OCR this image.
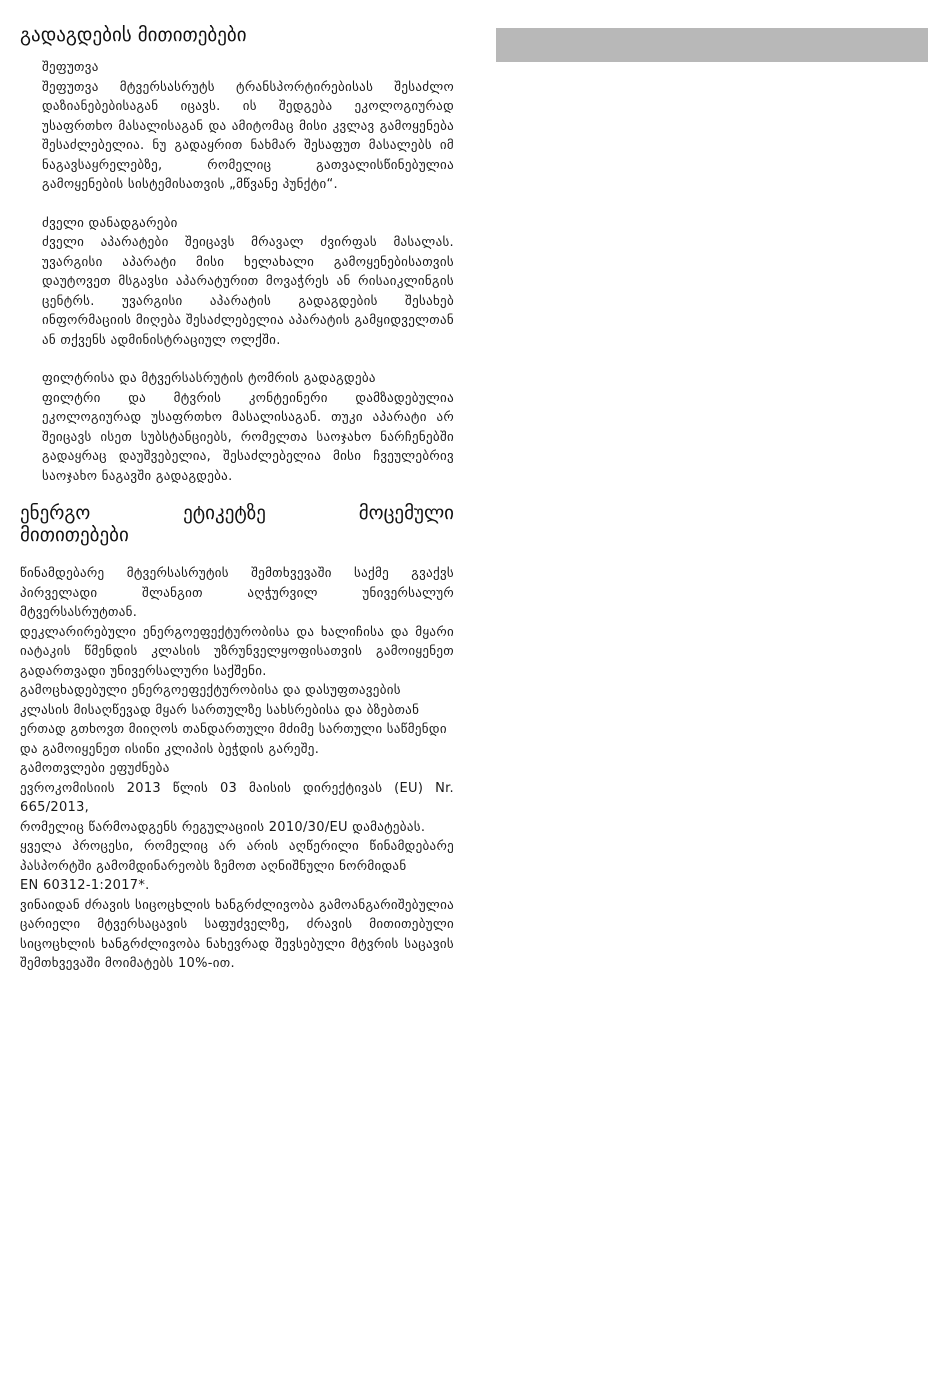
გადაგდების მითითებები
შეფუთვა

შეფუთვა მტვერსასრუტს ტრანსპორტირებისას შესაძლო დაზიანებებისაგან იცავს. ის შედგება ეკოლოგიურად უსაფრთხო მასალისაგან და ამიტომაც მისი კვლავ გამოყენება შესაძლებელია. ნუ გადაყრით ნახმარ შესაფუთ მასალებს იმ ნაგავსაყრელებზე, რომელიც გათვალისწინებულია გამოყენების სისტემისათვის „მწვანე პუნქტი“.

ძველი დანადგარები

ძველი აპარატები შეიცავს მრავალ ძვირფას მასალას. უვარგისი აპარატი მისი ხელახალი გამოყენებისათვის დაუტოვეთ მსგავსი აპარატურით მოვაჭრეს ან რისაიკლინგის ცენტრს. უვარგისი აპარატის გადაგდების შესახებ ინფორმაციის მიღება შესაძლებელია აპარატის გამყიდველთან ან თქვენს ადმინისტრაციულ ოლქში.

ფილტრისა და მტვერსასრუტის ტომრის გადაგდება

ფილტრი და მტვრის კონტეინერი დამზადებულია ეკოლოგიურად უსაფრთხო მასალისაგან. თუკი აპარატი არ შეიცავს ისეთ სუბსტანციებს, რომელთა საოჯახო ნარჩენებში გადაყრაც დაუშვებელია, შესაძლებელია მისი ჩვეულებრივ საოჯახო ნაგავში გადაგდება.

ენერგო	ეტიკეტზე	მოცემული
მითითებები

წინამდებარე მტვერსასრუტის შემთხვევაში საქმე გვაქვს პირველადი შლანგით აღჭურვილ უნივერსალურ მტვერსასრუტთან.

დეკლარირებული ენერგოეფექტურობისა და ხალიჩისა და მყარი იატაკის წმენდის კლასის უზრუნველყოფისათვის გამოიყენეთ გადართვადი უნივერსალური საქშენი.

გამოცხადებული ენერგოეფექტურობისა და დასუფთავების კლასის მისაღწევად მყარ სართულზე სახსრებისა და ბზებთან ერთად გთხოვთ მიიღოს თანდართული მძიმე სართული საწმენდი და გამოიყენეთ ისინი კლიპის ბეჭდის გარეშე.

გამოთვლები ეფუძნება

ევროკომისიის 2013 წლის 03 მაისის დირექტივას (EU) Nr. 665/2013,

რომელიც წარმოადგენს რეგულაციის 2010/30/EU დამატებას.

ყველა პროცესი, რომელიც არ არის აღწერილი წინამდებარე პასპორტში გამომდინარეობს ზემოთ აღნიშნული ნორმიდან

EN 60312-1:2017*.

ვინაიდან ძრავის სიცოცხლის ხანგრძლივობა გამოანგარიშებულია ცარიელი მტვერსაცავის საფუძველზე, ძრავის მითითებული სიცოცხლის ხანგრძლივობა ნახევრად შევსებული მტვრის საცავის შემთხვევაში მოიმატებს 10%-ით.
